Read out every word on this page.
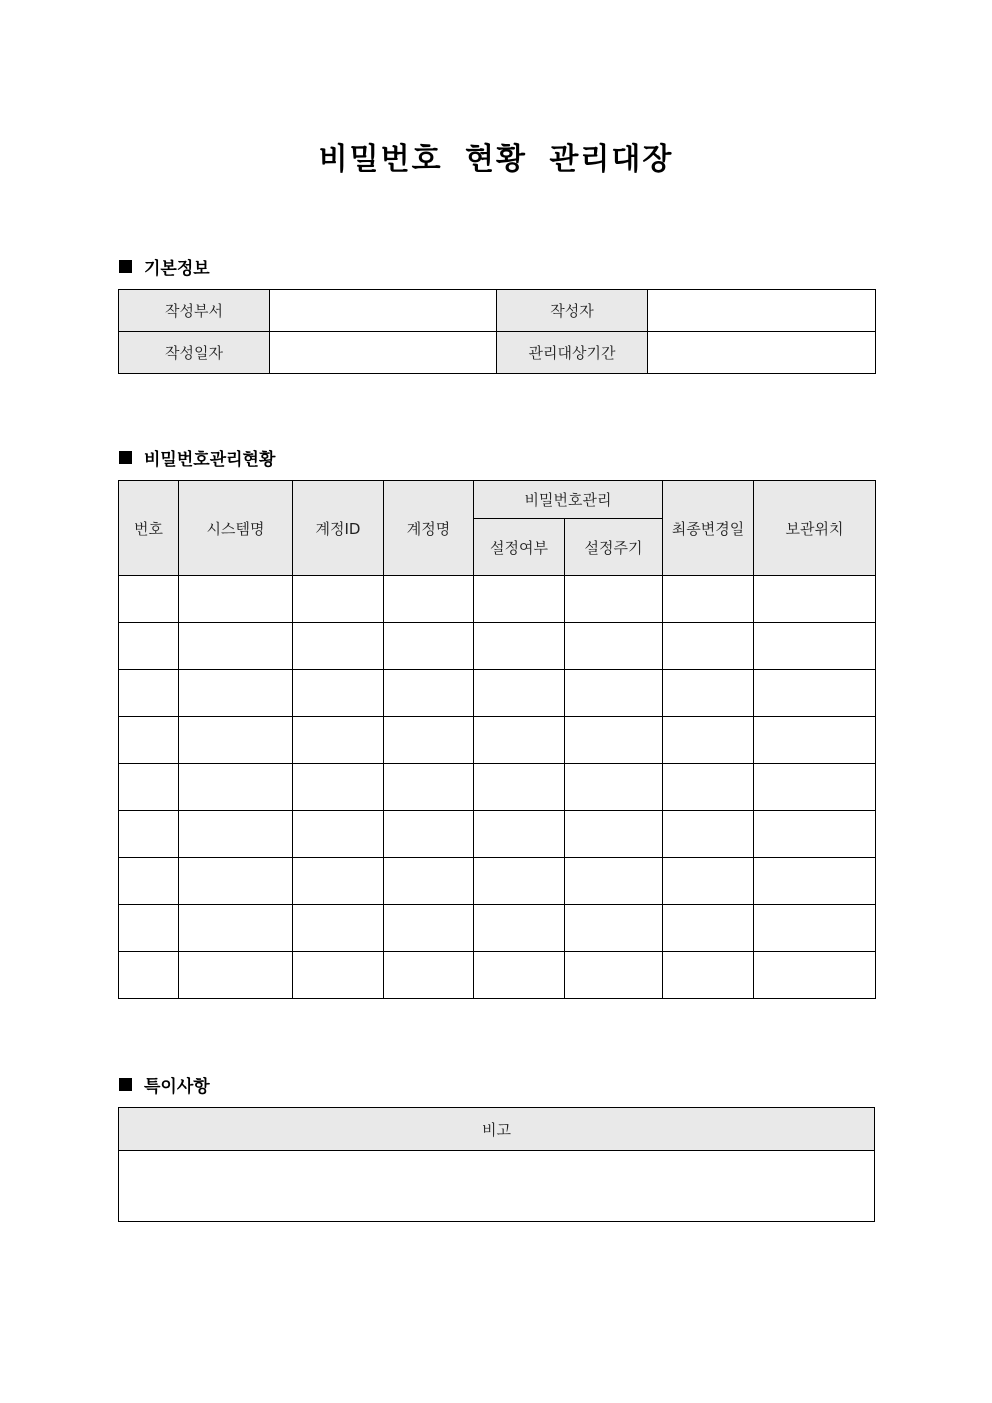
비밀번호 현황 관리대장
기본정보
작성부서		작성자	
작성일자		관리대상기간	
비밀번호관리현황
번호	시스템명	계정ID	계정명	비밀번호관리		최종변경일	보관위치
				설정여부	설정주기		

특이사항
비고
